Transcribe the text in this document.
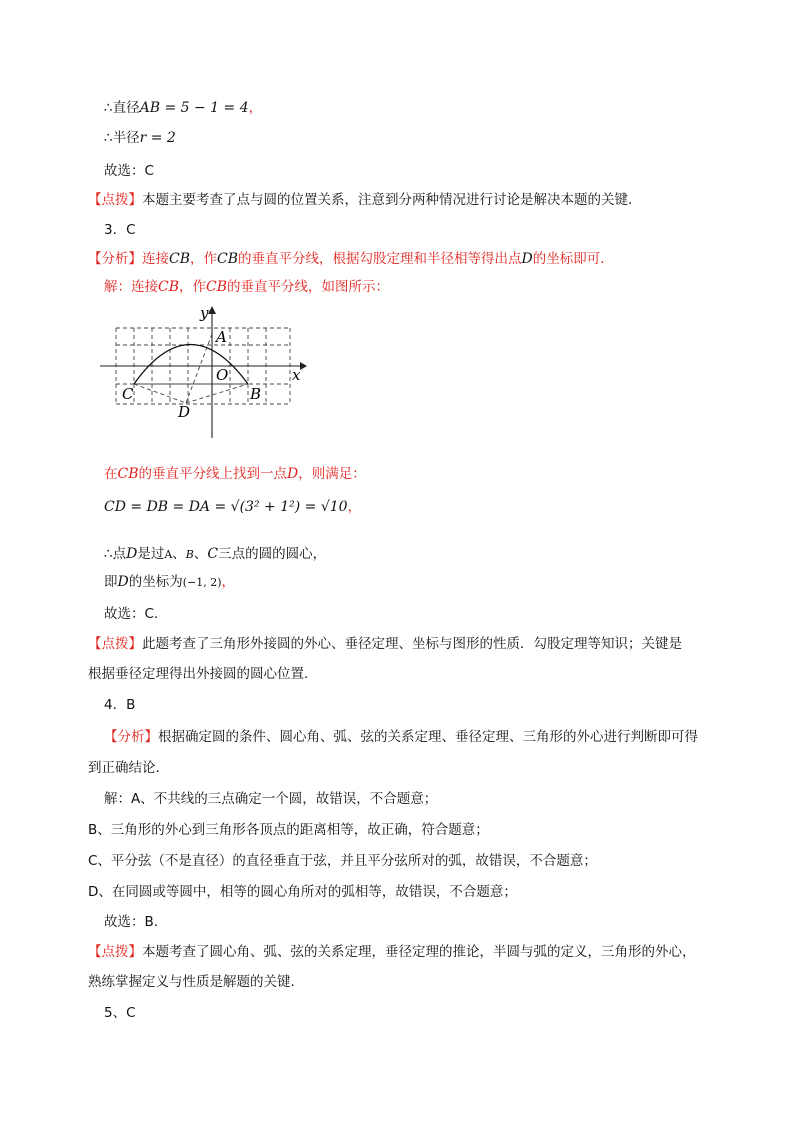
∴直径AB = 5 − 1 = 4，
∴半径r = 2
故选：C
【点拨】本题主要考查了点与圆的位置关系，注意到分两种情况进行讨论是解决本题的关键.
3．C
【分析】连接CB，作CB的垂直平分线，根据勾股定理和半径相等得出点D的坐标即可.
解：连接CB，作CB的垂直平分线，如图所示：
y
x
A
O
B
C
D
在CB的垂直平分线上找到一点D，则满足：
CD = DB = DA = √(3² + 1²) = √10，
∴点D是过A、B、C三点的圆的圆心，
即D的坐标为(−1, 2)，
故选：C.
【点拨】此题考查了三角形外接圆的外心、垂径定理、坐标与图形的性质．勾股定理等知识；关键是
根据垂径定理得出外接圆的圆心位置.
4．B
【分析】根据确定圆的条件、圆心角、弧、弦的关系定理、垂径定理、三角形的外心进行判断即可得
到正确结论.
解：A、不共线的三点确定一个圆，故错误，不合题意；
B、三角形的外心到三角形各顶点的距离相等，故正确，符合题意；
C、平分弦（不是直径）的直径垂直于弦，并且平分弦所对的弧，故错误，不合题意；
D、在同圆或等圆中，相等的圆心角所对的弧相等，故错误，不合题意；
故选：B.
【点拨】本题考查了圆心角、弧、弦的关系定理，垂径定理的推论，半圆与弧的定义，三角形的外心，
熟练掌握定义与性质是解题的关键.
5、C
